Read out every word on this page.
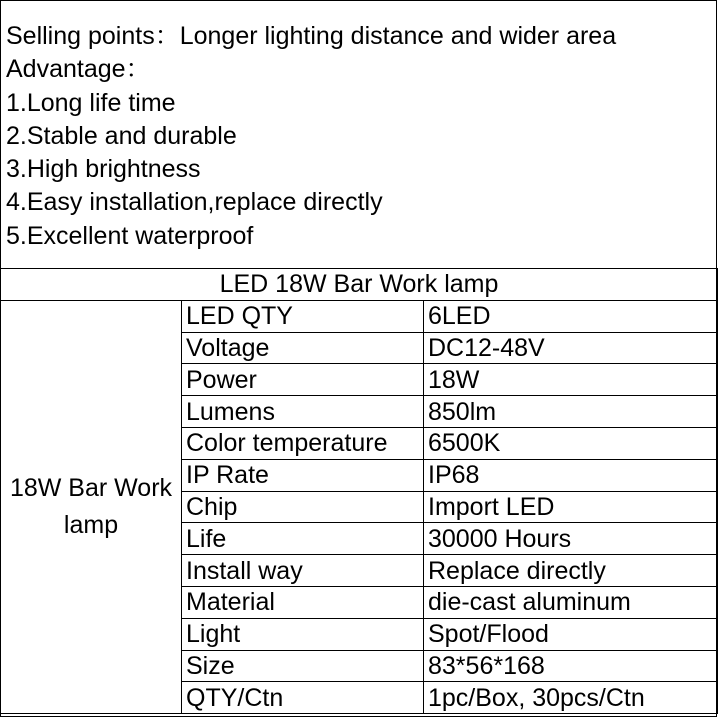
Selling points：Longer lighting distance and wider area
Advantage：
1.Long life time
2.Stable and durable
3.High brightness
4.Easy installation,replace directly
5.Excellent waterproof
LED 18W Bar Work lamp		
18W Bar Work lamp	LED QTY	6LED
	Voltage	DC12-48V
	Power	18W
	Lumens	850lm
	Color temperature	6500K
	IP Rate	IP68
	Chip	Import LED
	Life	30000 Hours
	Install way	Replace directly
	Material	die-cast aluminum
	Light	Spot/Flood
	Size	83*56*168
	QTY/Ctn	1pc/Box, 30pcs/Ctn
